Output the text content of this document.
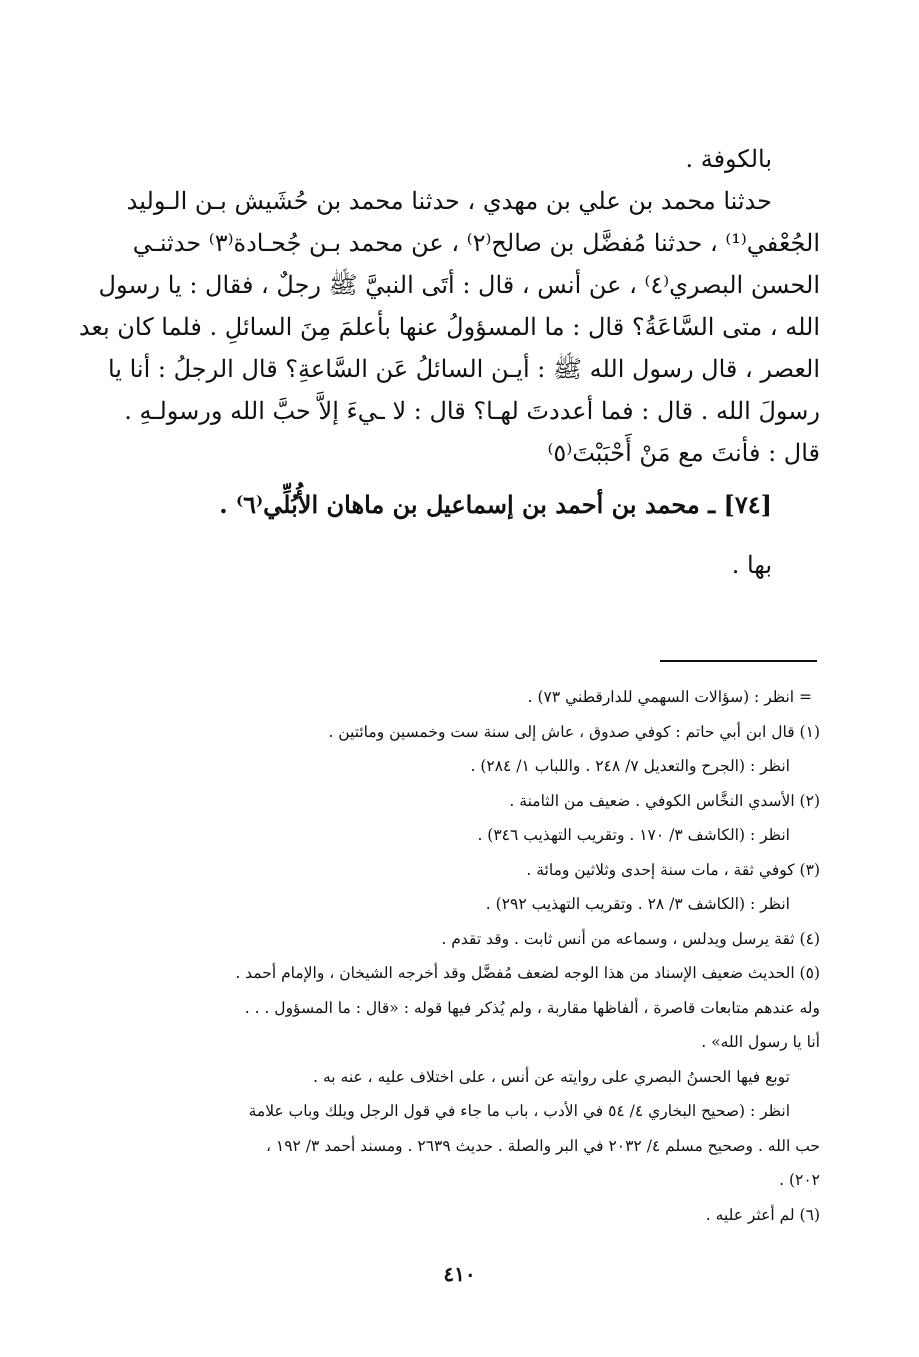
بالكوفة .
حدثنا محمد بن علي بن مهدي ، حدثنا محمد بن حُشَيش بـن الـوليد
الجُعْفي⁽¹⁾ ، حدثنا مُفضَّل بن صالح⁽٢⁾ ، عن محمد بـن جُحـادة⁽٣⁾ حدثنـي
الحسن البصري⁽٤⁾ ، عن أنس ، قال : أتَى النبيَّ ﷺ رجلٌ ، فقال : يا رسول
الله ، متى السَّاعَةُ؟ قال : ما المسؤولُ عنها بأعلمَ مِنَ السائلِ . فلما كان بعد
العصر ، قال رسول الله ﷺ : أيـن السائلُ عَن السَّاعةِ؟ قال الرجلُ : أنا يا
رسولَ الله . قال : فما أعددتَ لهـا؟ قال : لا ـيءَ إلاَّ حبَّ الله ورسولـهِ .
قال : فأنتَ مع مَنْ أَحْبَبْتَ⁽٥⁾
[٧٤] ـ محمد بن أحمد بن إسماعيل بن ماهان الأُبُلِّي⁽٦⁾ .
بها .
= انظر : (سؤالات السهمي للدارقطني ٧٣) .
(١) قال ابن أبي حاتم : كوفي صدوق ، عاش إلى سنة ست وخمسين ومائتين .
انظر : (الجرح والتعديل ٧/ ٢٤٨ . واللباب ١/ ٢٨٤) .
(٢) الأسدي النخَّاس الكوفي . ضعيف من الثامنة .
انظر : (الكاشف ٣/ ١٧٠ . وتقريب التهذيب ٣٤٦) .
(٣) كوفي ثقة ، مات سنة إحدى وثلاثين ومائة .
انظر : (الكاشف ٣/ ٢٨ . وتقريب التهذيب ٢٩٢) .
(٤) ثقة يرسل ويدلس ، وسماعه من أنس ثابت . وقد تقدم .
(٥) الحديث ضعيف الإسناد من هذا الوجه لضعف مُفضَّل وقد أخرجه الشيخان ، والإمام أحمد .
وله عندهم متابعات قاصرة ، ألفاظها مقاربة ، ولم يُذكر فيها قوله : «قال : ما المسؤول . . .
أنا يا رسول الله» .
توبع فيها الحسنُ البصري على روايته عن أنس ، على اختلاف عليه ، عنه به .
انظر : (صحيح البخاري ٤/ ٥٤ في الأدب ، باب ما جاء في قول الرجل ويلك وباب علامة
حب الله . وصحيح مسلم ٤/ ٢٠٣٢ في البر والصلة . حديث ٢٦٣٩ . ومسند أحمد ٣/ ١٩٢ ،
٢٠٢) .
(٦) لم أعثر عليه .
٤١٠
